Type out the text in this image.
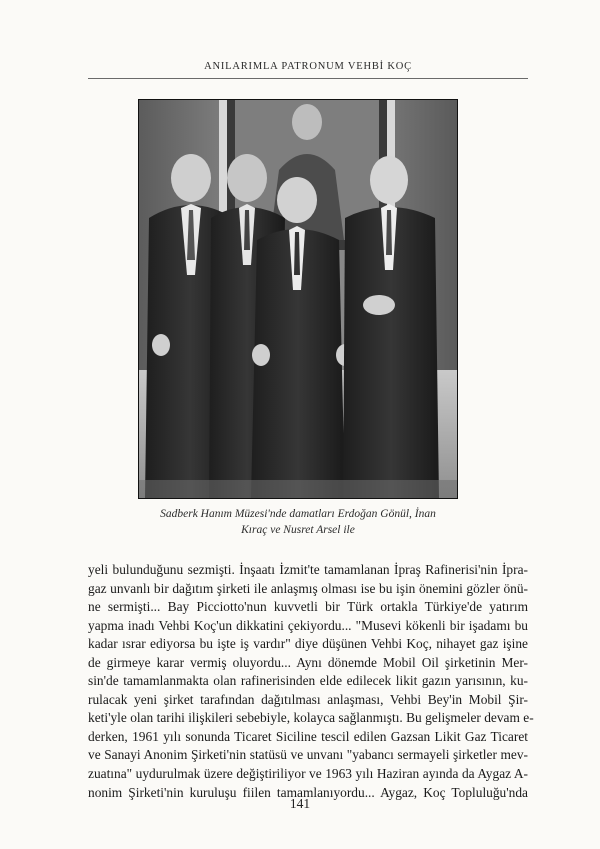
ANILARIMLA PATRONUM VEHBİ KOÇ
Sadberk Hanım Müzesi'nde damatları Erdoğan Gönül, İnan
Kıraç ve Nusret Arsel ile
yeli bulunduğunu sezmişti. İnşaatı İzmit'te tamamlanan İpraş Rafinerisi'nin İpra-
gaz unvanlı bir dağıtım şirketi ile anlaşmış olması ise bu işin önemini gözler önü-
ne sermişti... Bay Picciotto'nun kuvvetli bir Türk ortakla Türkiye'de yatırım
yapma inadı Vehbi Koç'un dikkatini çekiyordu... "Musevi kökenli bir işadamı bu
kadar ısrar ediyorsa bu işte iş vardır" diye düşünen Vehbi Koç, nihayet gaz işine
de girmeye karar vermiş oluyordu... Aynı dönemde Mobil Oil şirketinin Mer-
sin'de tamamlanmakta olan rafinerisinden elde edilecek likit gazın yarısının, ku-
rulacak yeni şirket tarafından dağıtılması anlaşması, Vehbi Bey'in Mobil Şir-
keti'yle olan tarihi ilişkileri sebebiyle, kolayca sağlanmıştı. Bu gelişmeler devam e-
derken, 1961 yılı sonunda Ticaret Siciline tescil edilen Gazsan Likit Gaz Ticaret
ve Sanayi Anonim Şirketi'nin statüsü ve unvanı "yabancı sermayeli şirketler mev-
zuatına" uydurulmak üzere değiştiriliyor ve 1963 yılı Haziran ayında da Aygaz A-
nonim Şirketi'nin kuruluşu fiilen tamamlanıyordu... Aygaz, Koç Topluluğu'nda
141
